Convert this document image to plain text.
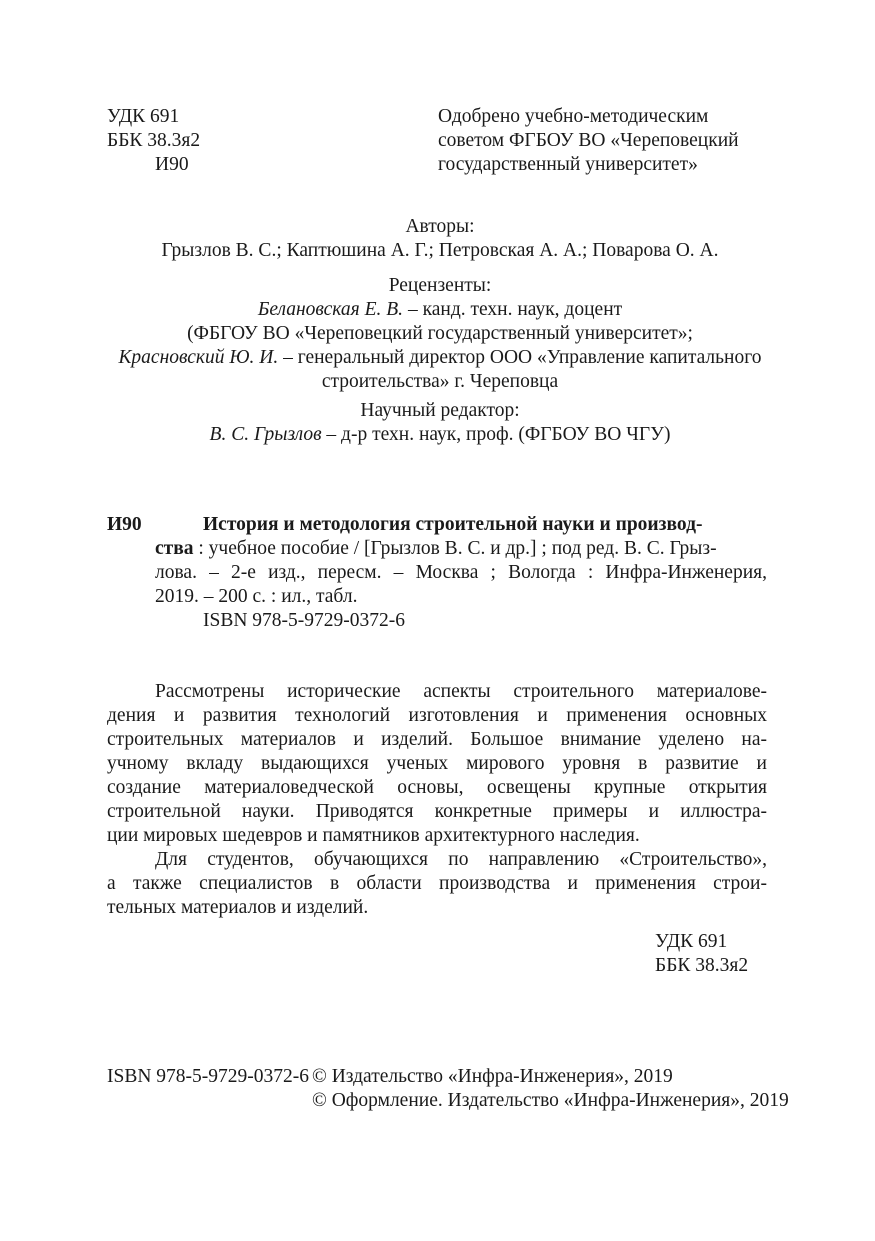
УДК 691
ББК 38.3я2
И90
Одобрено учебно-методическим
советом ФГБОУ ВО «Череповецкий
государственный университет»
Авторы:
Грызлов В. С.; Каптюшина А. Г.; Петровская А. А.; Поварова О. А.
Рецензенты:
Белановская Е. В. – канд. техн. наук, доцент
(ФБГОУ ВО «Череповецкий государственный университет»;
Красновский Ю. И. – генеральный директор ООО «Управление капитального
строительства» г. Череповца
Научный редактор:
В. С. Грызлов – д-р техн. наук, проф. (ФГБОУ ВО ЧГУ)
И90	История и методология строительной науки и производ-
ства : учебное пособие / [Грызлов В. С. и др.] ; под ред. В. С. Грыз-
лова. – 2-е изд., пересм. – Москва ; Вологда : Инфра-Инженерия,
2019. – 200 с. : ил., табл.
ISBN 978-5-9729-0372-6
Рассмотрены исторические аспекты строительного материалове-
дения и развития технологий изготовления и применения основных
строительных материалов и изделий. Большое внимание уделено на-
учному вкладу выдающихся ученых мирового уровня в развитие и
создание материаловедческой основы, освещены крупные открытия
строительной науки. Приводятся конкретные примеры и иллюстра-
ции мировых шедевров и памятников архитектурного наследия.
Для студентов, обучающихся по направлению «Строительство»,
а также специалистов в области производства и применения строи-
тельных материалов и изделий.
УДК 691
ББК 38.3я2
ISBN 978-5-9729-0372-6 © Издательство «Инфра-Инженерия», 2019
© Оформление. Издательство «Инфра-Инженерия», 2019
